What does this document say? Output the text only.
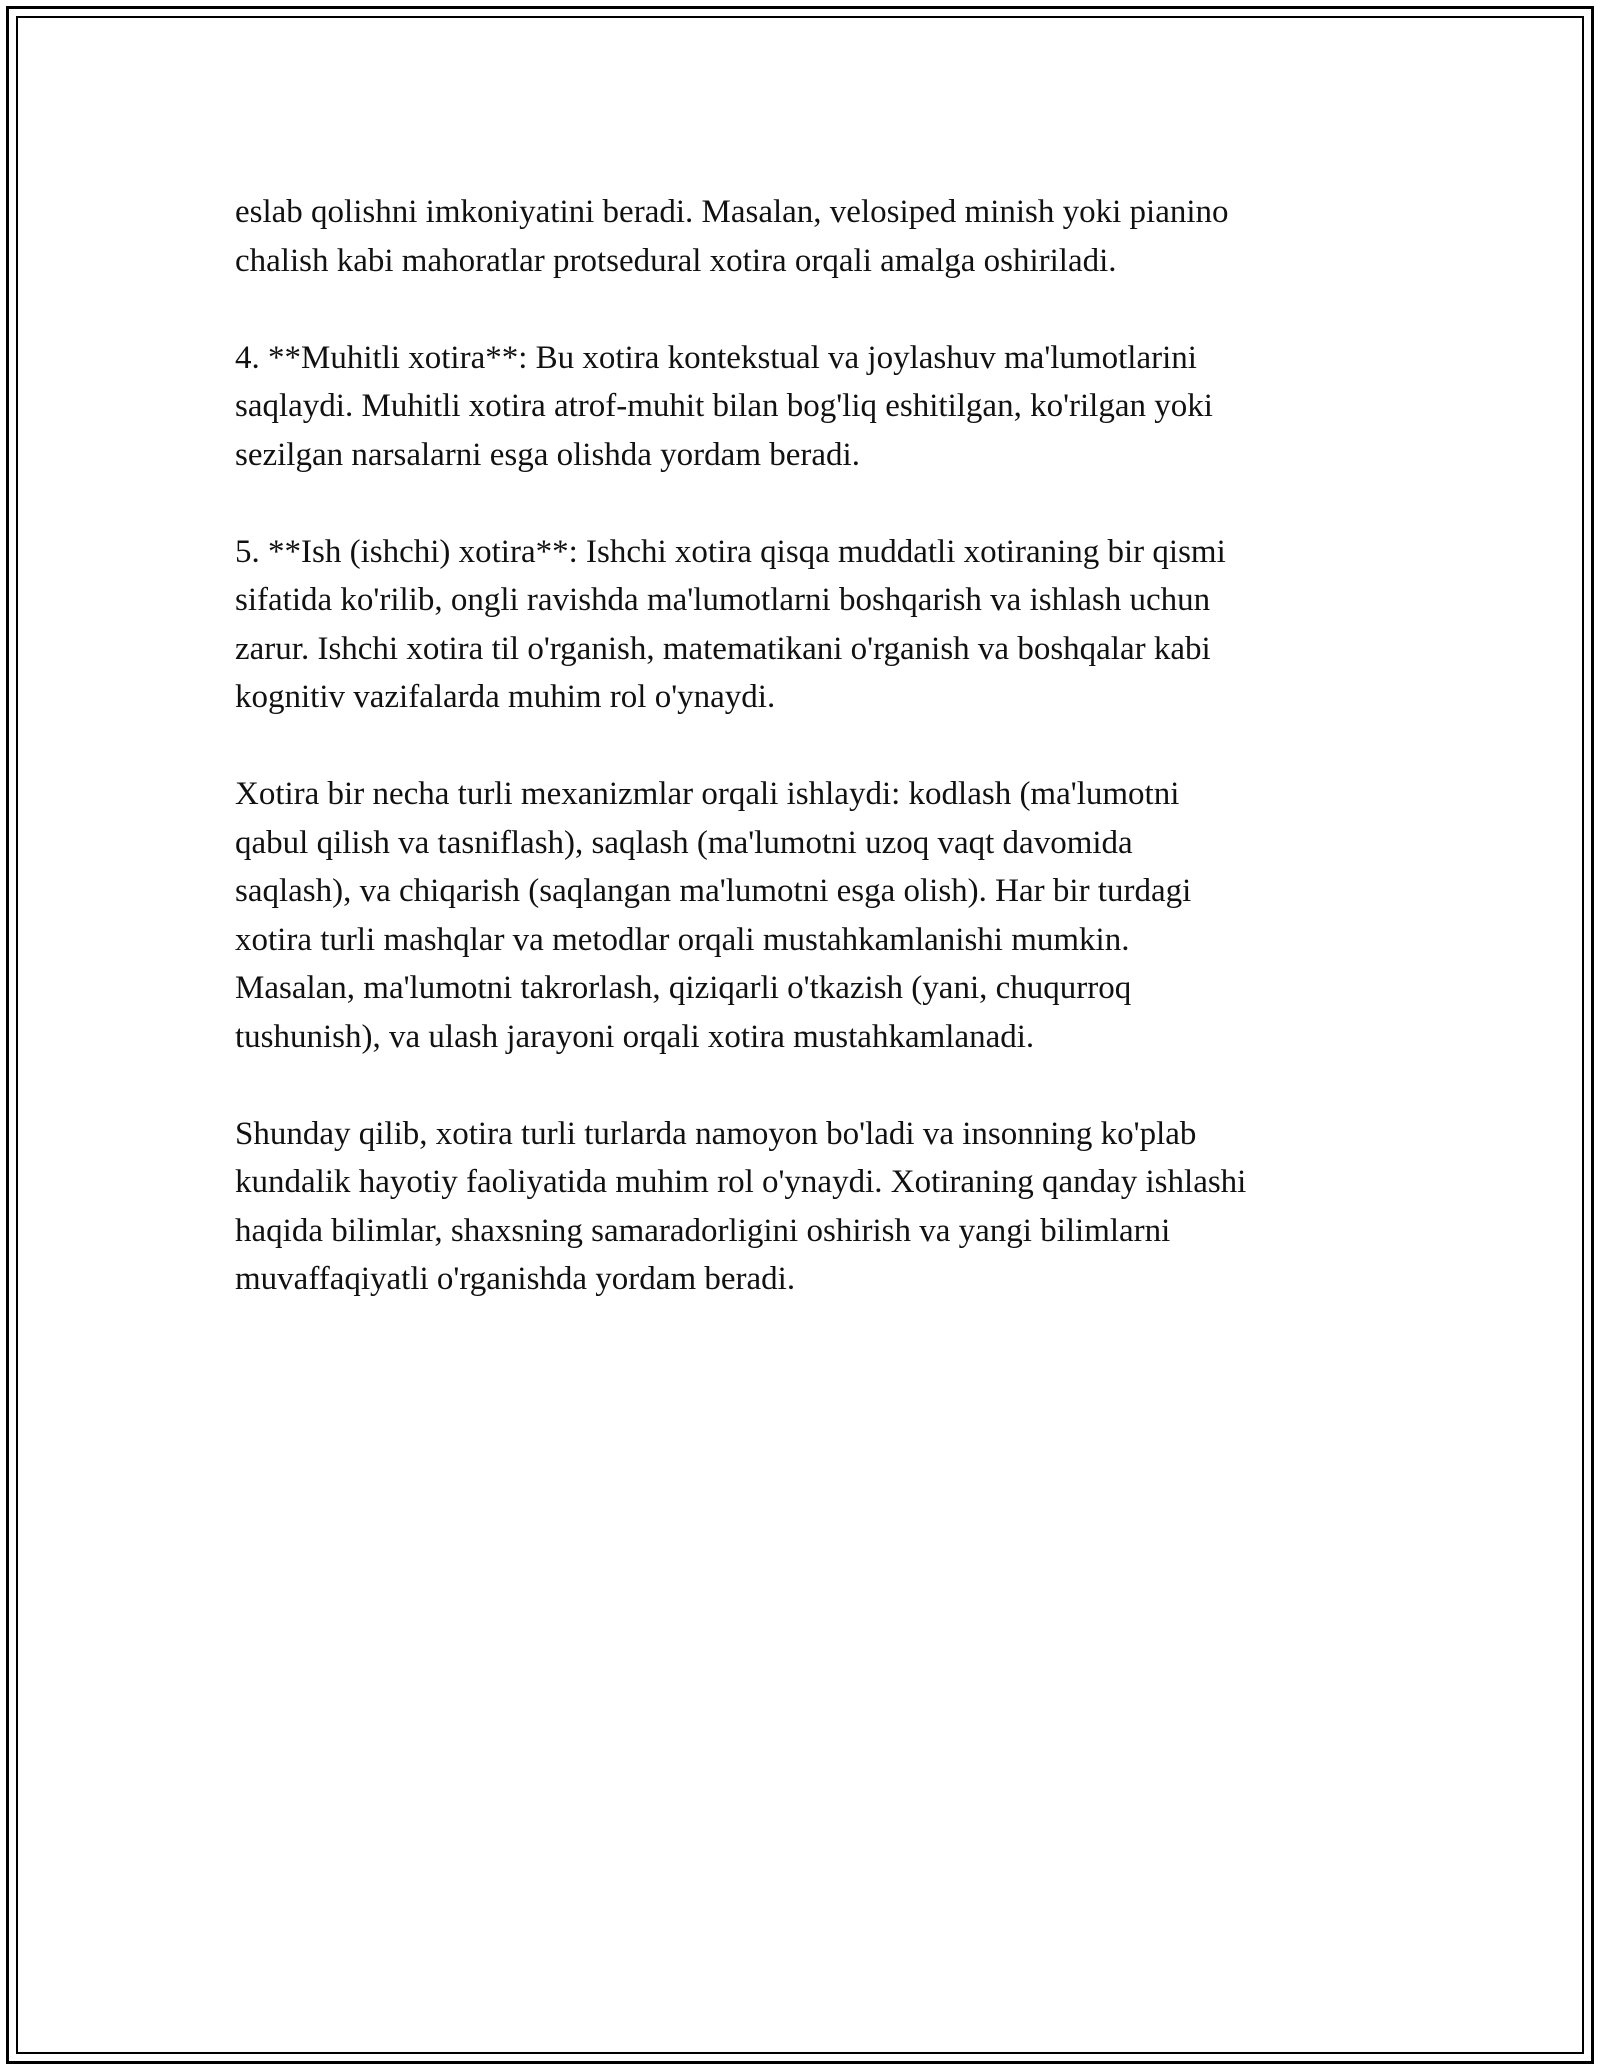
eslab qolishni imkoniyatini beradi. Masalan, velosiped minish yoki pianino
chalish kabi mahoratlar protsedural xotira orqali amalga oshiriladi.

4. **Muhitli xotira**: Bu xotira kontekstual va joylashuv ma'lumotlarini
saqlaydi. Muhitli xotira atrof-muhit bilan bog'liq eshitilgan, ko'rilgan yoki
sezilgan narsalarni esga olishda yordam beradi.

5. **Ish (ishchi) xotira**: Ishchi xotira qisqa muddatli xotiraning bir qismi
sifatida ko'rilib, ongli ravishda ma'lumotlarni boshqarish va ishlash uchun
zarur. Ishchi xotira til o'rganish, matematikani o'rganish va boshqalar kabi
kognitiv vazifalarda muhim rol o'ynaydi.

Xotira bir necha turli mexanizmlar orqali ishlaydi: kodlash (ma'lumotni
qabul qilish va tasniflash), saqlash (ma'lumotni uzoq vaqt davomida
saqlash), va chiqarish (saqlangan ma'lumotni esga olish). Har bir turdagi
xotira turli mashqlar va metodlar orqali mustahkamlanishi mumkin.
Masalan, ma'lumotni takrorlash, qiziqarli o'tkazish (yani, chuqurroq
tushunish), va ulash jarayoni orqali xotira mustahkamlanadi.

Shunday qilib, xotira turli turlarda namoyon bo'ladi va insonning ko'plab
kundalik hayotiy faoliyatida muhim rol o'ynaydi. Xotiraning qanday ishlashi
haqida bilimlar, shaxsning samaradorligini oshirish va yangi bilimlarni
muvaffaqiyatli o'rganishda yordam beradi.
